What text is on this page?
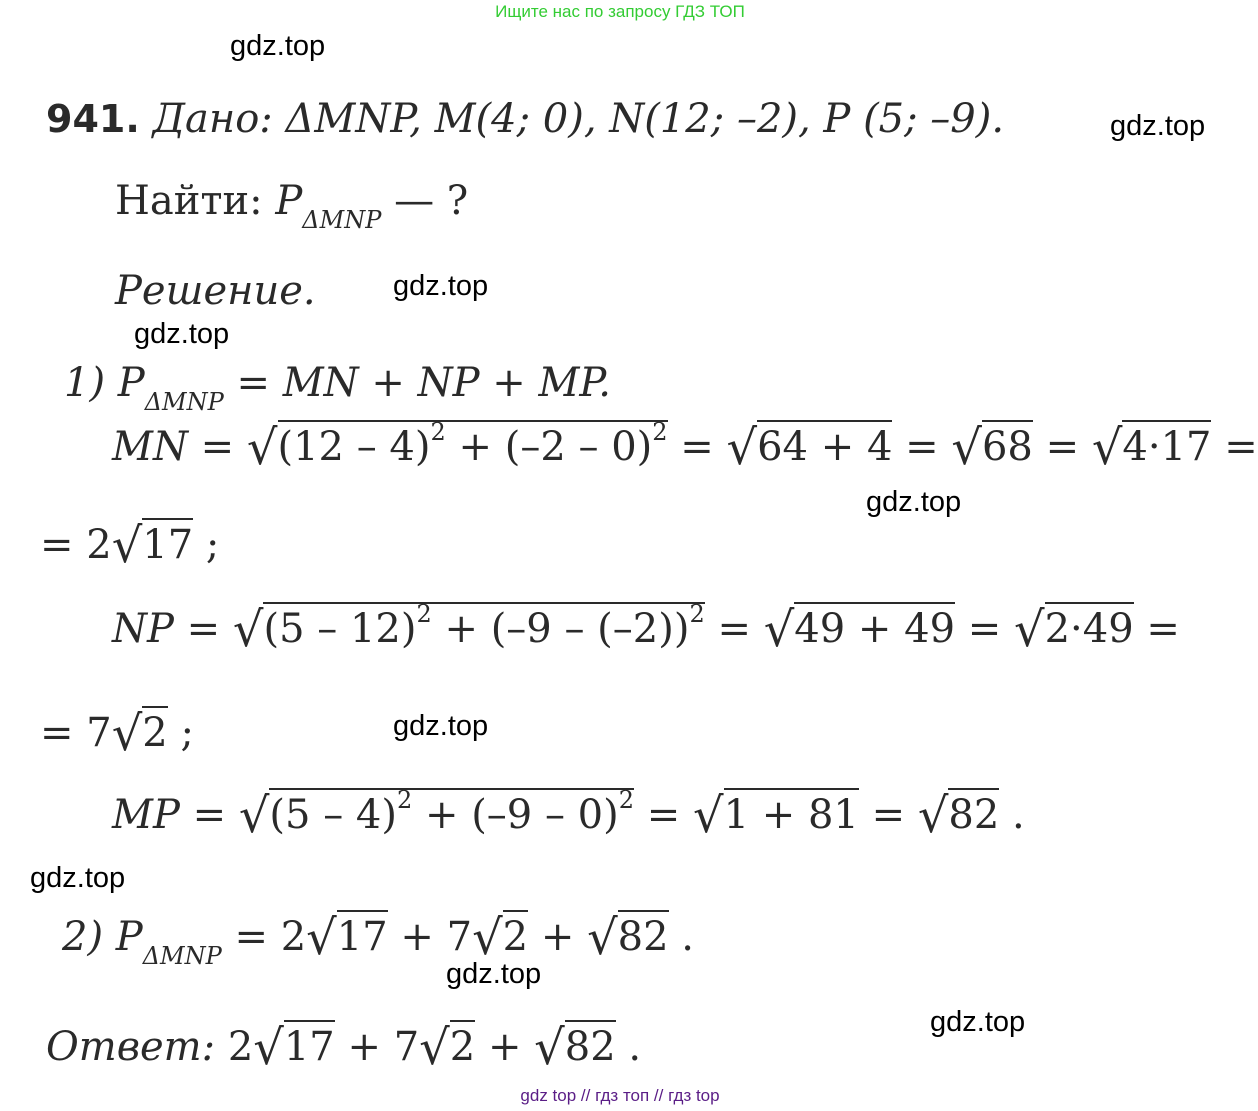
Ищите нас по запросу ГДЗ ТОП
gdz.top
gdz.top
gdz.top
gdz.top
gdz.top
gdz.top
gdz.top
gdz.top
gdz.top
941. Дано: ΔMNP, M(4; 0), N(12; –2), P (5; –9).
Найти: $P_{\Delta MNP}$ — ?
Решение.
1) $P_{\Delta MNP}$ = MN + NP + MP.
MN = √(12 – 4)$^2$ + (–2 – 0)$^2$ = √64 + 4 = √68 = √4·17 =
= 2√17 ;
NP = √(5 – 12)$^2$ + (–9 – (–2))$^2$ = √49 + 49 = √2·49 =
= 7√2 ;
MP = √(5 – 4)$^2$ + (–9 – 0)$^2$ = √1 + 81 = √82 .
2) $P_{\Delta MNP} = 2√17 + 7√2 + √82$ .
Ответ: 2√17 + 7√2 + √82 .
gdz top // гдз топ // гдз top
